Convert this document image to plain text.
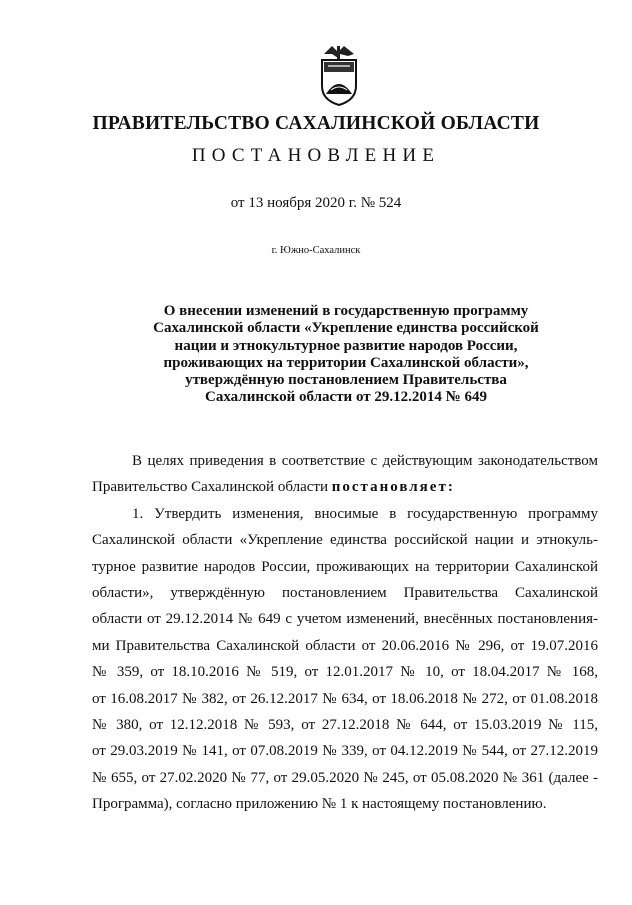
ПРАВИТЕЛЬСТВО САХАЛИНСКОЙ ОБЛАСТИ
ПОСТАНОВЛЕНИЕ
от 13 ноября 2020 г. № 524
г. Южно-Сахалинск
О внесении изменений в государственную программу
Сахалинской области «Укрепление единства российской
нации и этнокультурное развитие народов России,
проживающих на территории Сахалинской области»,
утверждённую постановлением Правительства
Сахалинской области от 29.12.2014 № 649
В целях приведения в соответствие с действующим законодательством
Правительство Сахалинской области постановляет:
1. Утвердить изменения, вносимые в государственную программу
Сахалинской области «Укрепление единства российской нации и этнокуль-
турное развитие народов России, проживающих на территории Сахалинской
области», утверждённую постановлением Правительства Сахалинской
области от 29.12.2014 № 649 с учетом изменений, внесённых постановления-
ми Правительства Сахалинской области от 20.06.2016 № 296, от 19.07.2016
№ 359, от 18.10.2016 № 519, от 12.01.2017 № 10, от 18.04.2017 № 168,
от 16.08.2017 № 382, от 26.12.2017 № 634, от 18.06.2018 № 272, от 01.08.2018
№ 380, от 12.12.2018 № 593, от 27.12.2018 № 644, от 15.03.2019 № 115,
от 29.03.2019 № 141, от 07.08.2019 № 339, от 04.12.2019 № 544, от 27.12.2019
№ 655, от 27.02.2020 № 77, от 29.05.2020 № 245, от 05.08.2020 № 361 (далее -
Программа), согласно приложению № 1 к настоящему постановлению.
